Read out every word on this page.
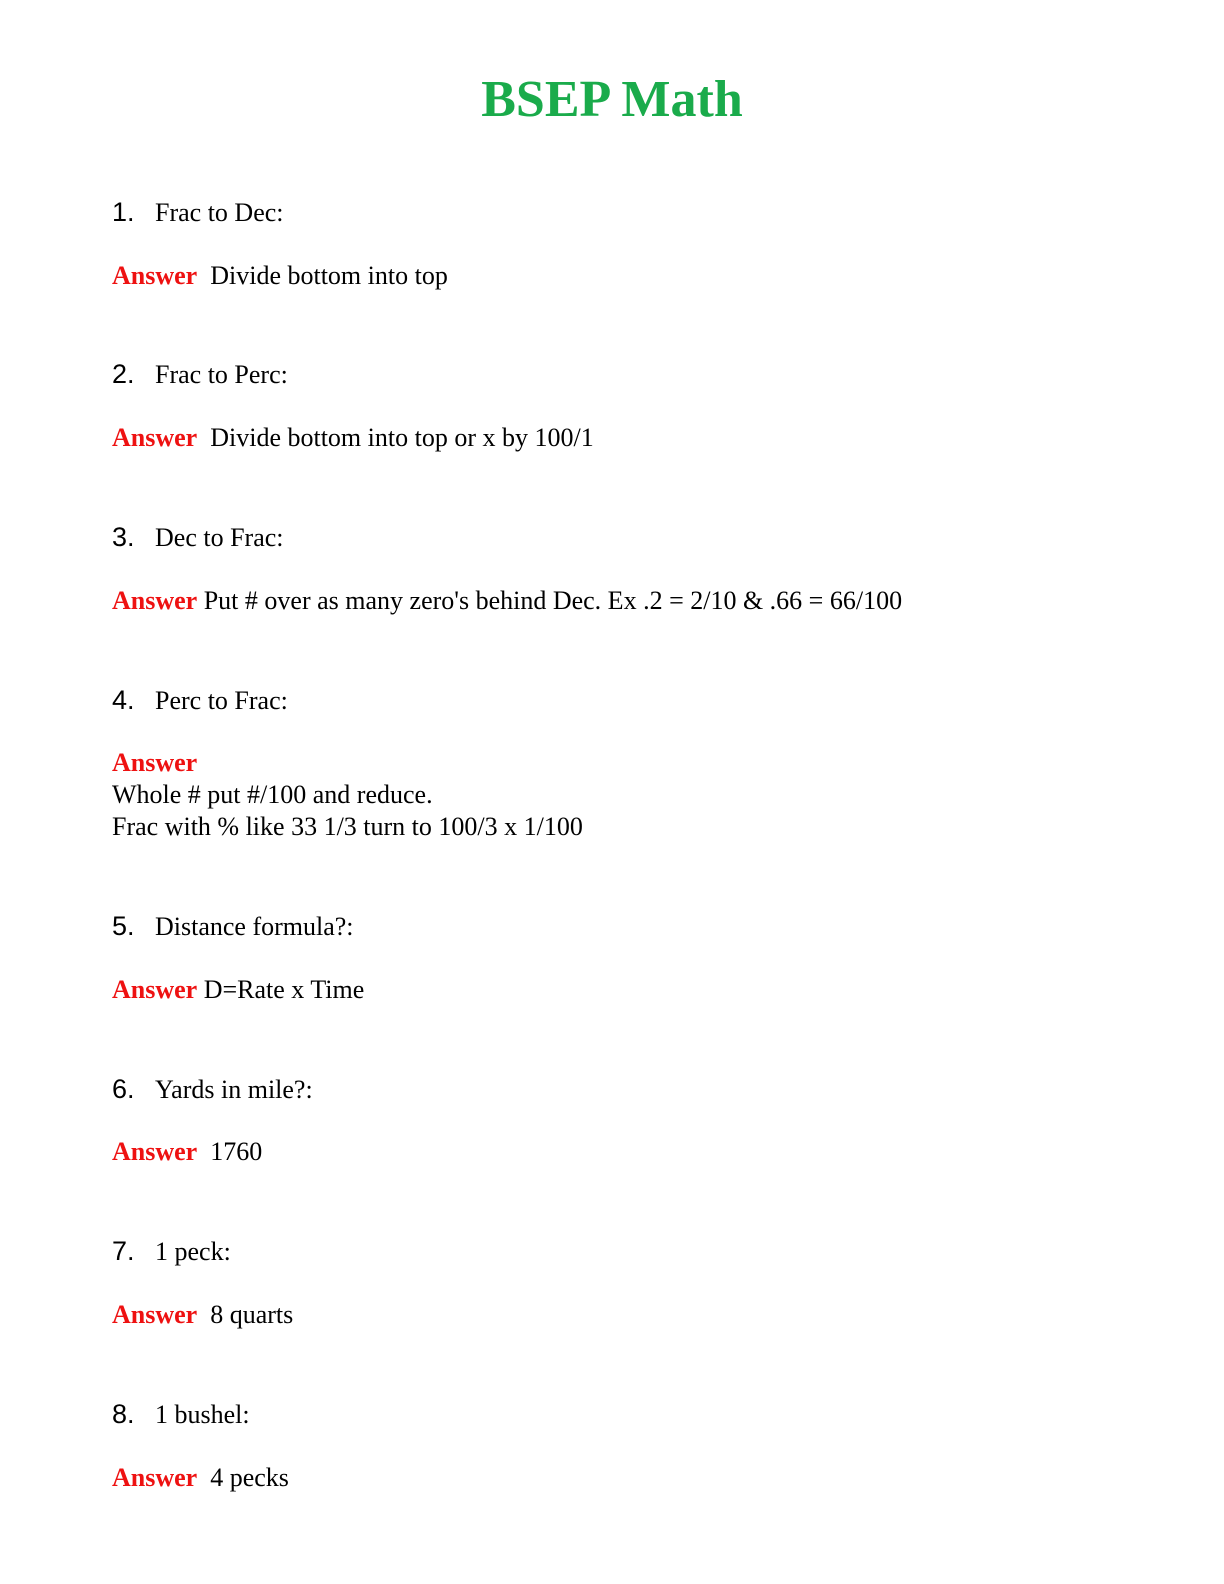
BSEP Math
1. Frac to Dec:
Answer Divide bottom into top
2. Frac to Perc:
Answer Divide bottom into top or x by 100/1
3. Dec to Frac:
Answer Put # over as many zero's behind Dec. Ex .2 = 2/10 & .66 = 66/100
4. Perc to Frac:
Answer
Whole # put #/100 and reduce.
Frac with % like 33 1/3 turn to 100/3 x 1/100
5. Distance formula?:
Answer D=Rate x Time
6. Yards in mile?:
Answer 1760
7. 1 peck:
Answer 8 quarts
8. 1 bushel:
Answer 4 pecks
